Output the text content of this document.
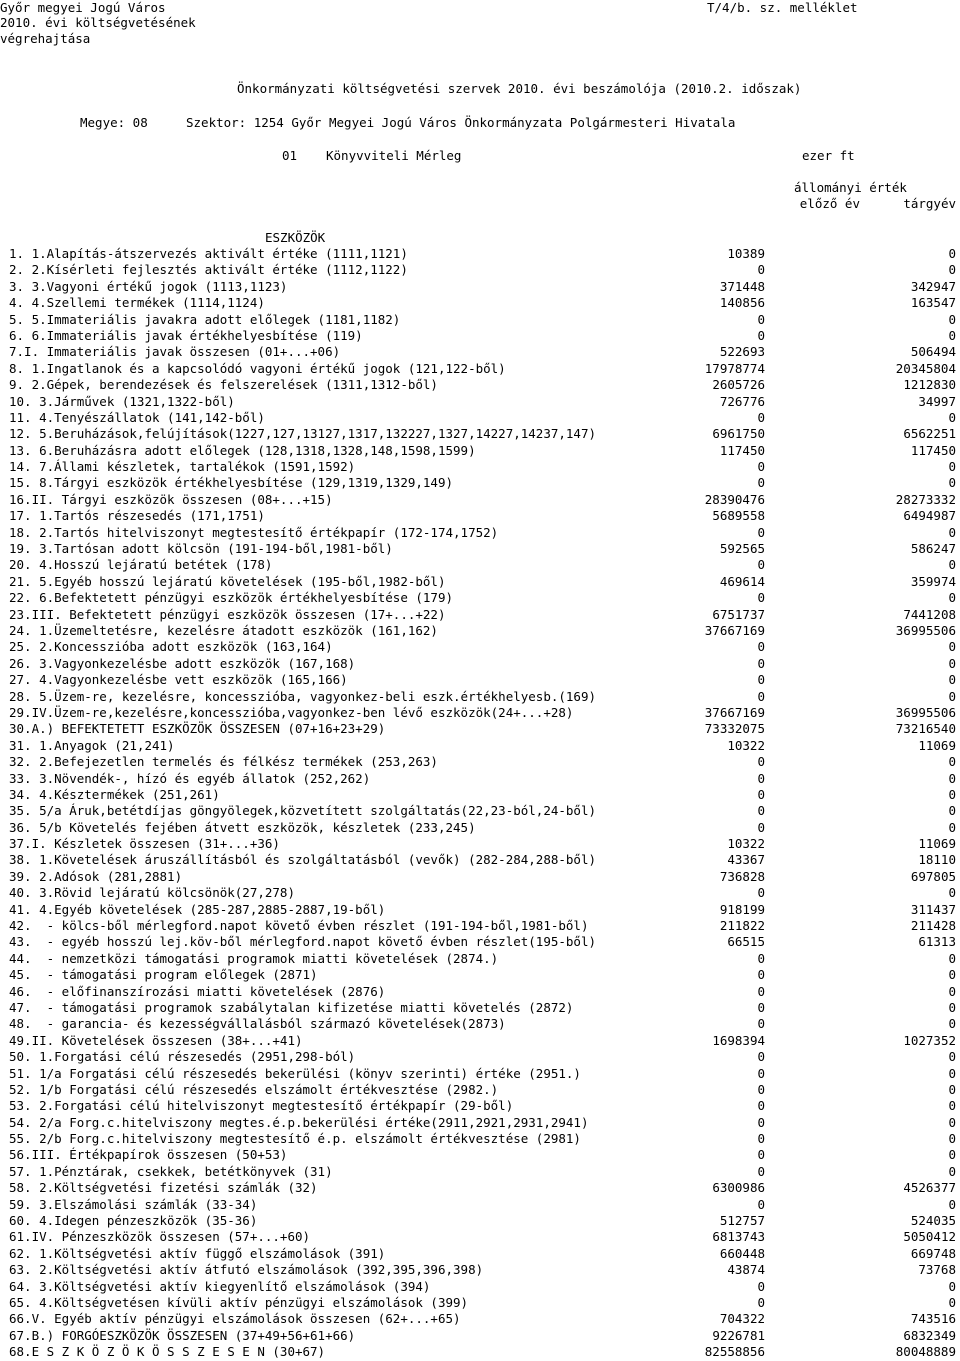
Győr megyei Jogú Város
2010. évi költségvetésének
végrehajtása
T/4/b. sz. melléklet
Önkormányzati költségvetési szervek 2010. évi beszámolója (2010.2. időszak)
Megye: 08	Szektor: 1254 Győr Megyei Jogú Város Önkormányzata Polgármesteri Hivatala
01 Könyvviteli Mérleg	ezer ft
állományi érték
előző év	tárgyév
ESZKÖZÖK
1. 1.Alapítás-átszervezés aktivált értéke (1111,1121)	10389	0
2. 2.Kísérleti fejlesztés aktivált értéke (1112,1122)	0	0
3. 3.Vagyoni értékű jogok (1113,1123)	371448	342947
4. 4.Szellemi termékek (1114,1124)	140856	163547
5. 5.Immateriális javakra adott előlegek (1181,1182)	0	0
6. 6.Immateriális javak értékhelyesbítése (119)	0	0
7.I. Immateriális javak összesen (01+...+06)	522693	506494
8. 1.Ingatlanok és a kapcsolódó vagyoni értékű jogok (121,122-ből)	17978774	20345804
9. 2.Gépek, berendezések és felszerelések (1311,1312-ből)	2605726	1212830
10. 3.Járművek (1321,1322-ből)	726776	34997
11. 4.Tenyészállatok (141,142-ből)	0	0
12. 5.Beruházások,felújítások(1227,127,13127,1317,132227,1327,14227,14237,147)	6961750	6562251
13. 6.Beruházásra adott előlegek (128,1318,1328,148,1598,1599)	117450	117450
14. 7.Állami készletek, tartalékok (1591,1592)	0	0
15. 8.Tárgyi eszközök értékhelyesbítése (129,1319,1329,149)	0	0
16.II. Tárgyi eszközök összesen (08+...+15)	28390476	28273332
17. 1.Tartós részesedés (171,1751)	5689558	6494987
18. 2.Tartós hitelviszonyt megtestesítő értékpapír (172-174,1752)	0	0
19. 3.Tartósan adott kölcsön (191-194-ből,1981-ből)	592565	586247
20. 4.Hosszú lejáratú betétek (178)	0	0
21. 5.Egyéb hosszú lejáratú követelések (195-ből,1982-ből)	469614	359974
22. 6.Befektetett pénzügyi eszközök értékhelyesbítése (179)	0	0
23.III. Befektetett pénzügyi eszközök összesen (17+...+22)	6751737	7441208
24. 1.Üzemeltetésre, kezelésre átadott eszközök (161,162)	37667169	36995506
25. 2.Koncesszióba adott eszközök (163,164)	0	0
26. 3.Vagyonkezelésbe adott eszközök (167,168)	0	0
27. 4.Vagyonkezelésbe vett eszközök (165,166)	0	0
28. 5.Üzem-re, kezelésre, koncesszióba, vagyonkez-beli eszk.értékhelyesb.(169)	0	0
29.IV.Üzem-re,kezelésre,koncesszióba,vagyonkez-ben lévő eszközök(24+...+28)	37667169	36995506
30.A.) BEFEKTETETT ESZKÖZÖK ÖSSZESEN (07+16+23+29)	73332075	73216540
31. 1.Anyagok (21,241)	10322	11069
32. 2.Befejezetlen termelés és félkész termékek (253,263)	0	0
33. 3.Növendék-, hízó és egyéb állatok (252,262)	0	0
34. 4.Késztermékek (251,261)	0	0
35. 5/a Áruk,betétdíjas göngyölegek,közvetített szolgáltatás(22,23-ból,24-ből)	0	0
36. 5/b Követelés fejében átvett eszközök, készletek (233,245)	0	0
37.I. Készletek összesen (31+...+36)	10322	11069
38. 1.Követelések áruszállításból és szolgáltatásból (vevők) (282-284,288-ből)	43367	18110
39. 2.Adósok (281,2881)	736828	697805
40. 3.Rövid lejáratú kölcsönök(27,278)	0	0
41. 4.Egyéb követelések (285-287,2885-2887,19-ből)	918199	311437
42.  - kölcs-ből mérlegford.napot követő évben részlet (191-194-ből,1981-ből)	211822	211428
43.  - egyéb hosszú lej.köv-ből mérlegford.napot követő évben részlet(195-ből)	66515	61313
44.  - nemzetközi támogatási programok miatti követelések (2874.)	0	0
45.  - támogatási program előlegek (2871)	0	0
46.  - előfinanszírozási miatti követelések (2876)	0	0
47.  - támogatási programok szabálytalan kifizetése miatti követelés (2872)	0	0
48.  - garancia- és kezességvállalásból származó követelések(2873)	0	0
49.II. Követelések összesen (38+...+41)	1698394	1027352
50. 1.Forgatási célú részesedés (2951,298-ból)	0	0
51. 1/a Forgatási célú részesedés bekerülési (könyv szerinti) értéke (2951.)	0	0
52. 1/b Forgatási célú részesedés elszámolt értékvesztése (2982.)	0	0
53. 2.Forgatási célú hitelviszonyt megtestesítő értékpapír (29-ből)	0	0
54. 2/a Forg.c.hitelviszony megtes.é.p.bekerülési értéke(2911,2921,2931,2941)	0	0
55. 2/b Forg.c.hitelviszony megtestesítő é.p. elszámolt értékvesztése (2981)	0	0
56.III. Értékpapírok összesen (50+53)	0	0
57. 1.Pénztárak, csekkek, betétkönyvek (31)	0	0
58. 2.Költségvetési fizetési számlák (32)	6300986	4526377
59. 3.Elszámolási számlák (33-34)	0	0
60. 4.Idegen pénzeszközök (35-36)	512757	524035
61.IV. Pénzeszközök összesen (57+...+60)	6813743	5050412
62. 1.Költségvetési aktív függő elszámolások (391)	660448	669748
63. 2.Költségvetési aktív átfutó elszámolások (392,395,396,398)	43874	73768
64. 3.Költségvetési aktív kiegyenlítő elszámolások (394)	0	0
65. 4.Költségvetésen kívüli aktív pénzügyi elszámolások (399)	0	0
66.V. Egyéb aktív pénzügyi elszámolások összesen (62+...+65)	704322	743516
67.B.) FORGÓESZKÖZÖK ÖSSZESEN (37+49+56+61+66)	9226781	6832349
68.E S Z K Ö Z Ö K Ö S S Z E S E N (30+67)	82558856	80048889
